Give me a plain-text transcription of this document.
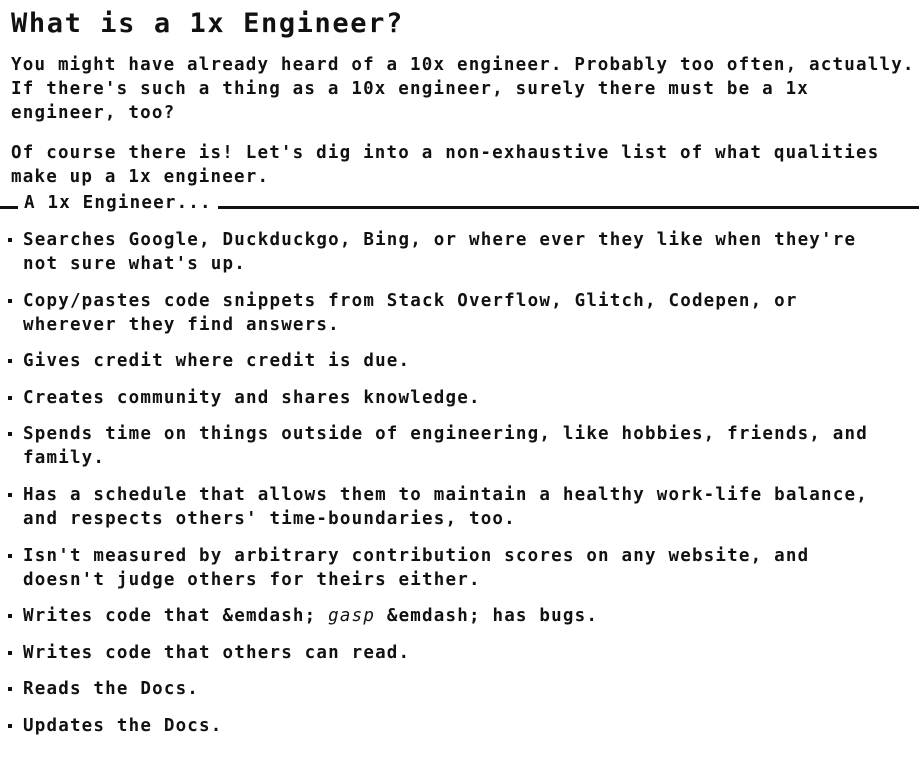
What is a 1x Engineer?

You might have already heard of a 10x engineer. Probably too often, actually. If there's such a thing as a 10x engineer, surely there must be a 1x engineer, too?

Of course there is! Let's dig into a non-exhaustive list of what qualities make up a 1x engineer.

A 1x Engineer...
Searches Google, Duckduckgo, Bing, or where ever they like when they're not sure what's up.
Copy/pastes code snippets from Stack Overflow, Glitch, Codepen, or wherever they find answers.
Gives credit where credit is due.
Creates community and shares knowledge.
Spends time on things outside of engineering, like hobbies, friends, and family.
Has a schedule that allows them to maintain a healthy work-life balance, and respects others' time-boundaries, too.
Isn't measured by arbitrary contribution scores on any website, and doesn't judge others for theirs either.
Writes code that &emdash; gasp &emdash; has bugs.
Writes code that others can read.
Reads the Docs.
Updates the Docs.
